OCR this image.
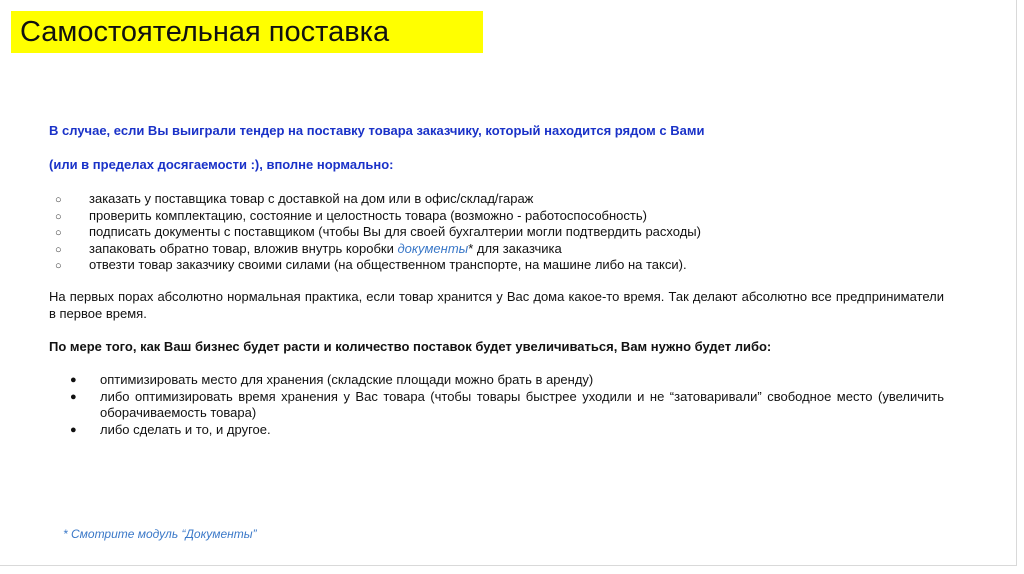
Самостоятельная поставка
В случае, если Вы выиграли тендер на поставку товара заказчику, который находится рядом с Вами
(или в пределах досягаемости :), вполне нормально:
○	заказать у поставщика товар с доставкой на дом или в офис/склад/гараж
○	проверить комплектацию, состояние и целостность товара (возможно - работоспособность)
○	подписать документы с поставщиком (чтобы Вы для своей бухгалтерии могли подтвердить расходы)
○	запаковать обратно товар, вложив внутрь коробки документы* для заказчика
○	отвезти товар заказчику своими силами (на общественном транспорте, на машине либо на такси).

На первых порах абсолютно нормальная практика, если товар хранится у Вас дома какое-то время. Так делают абсолютно все предприниматели в первое время.

По мере того, как Ваш бизнес будет расти и количество поставок будет увеличиваться, Вам нужно будет либо:
●	оптимизировать место для хранения (складские площади можно брать в аренду)
●	либо оптимизировать время хранения у Вас товара (чтобы товары быстрее уходили и не “затоваривали” свободное место (увеличить оборачиваемость товара)
●	либо сделать и то, и другое.
* Смотрите модуль “Документы”
